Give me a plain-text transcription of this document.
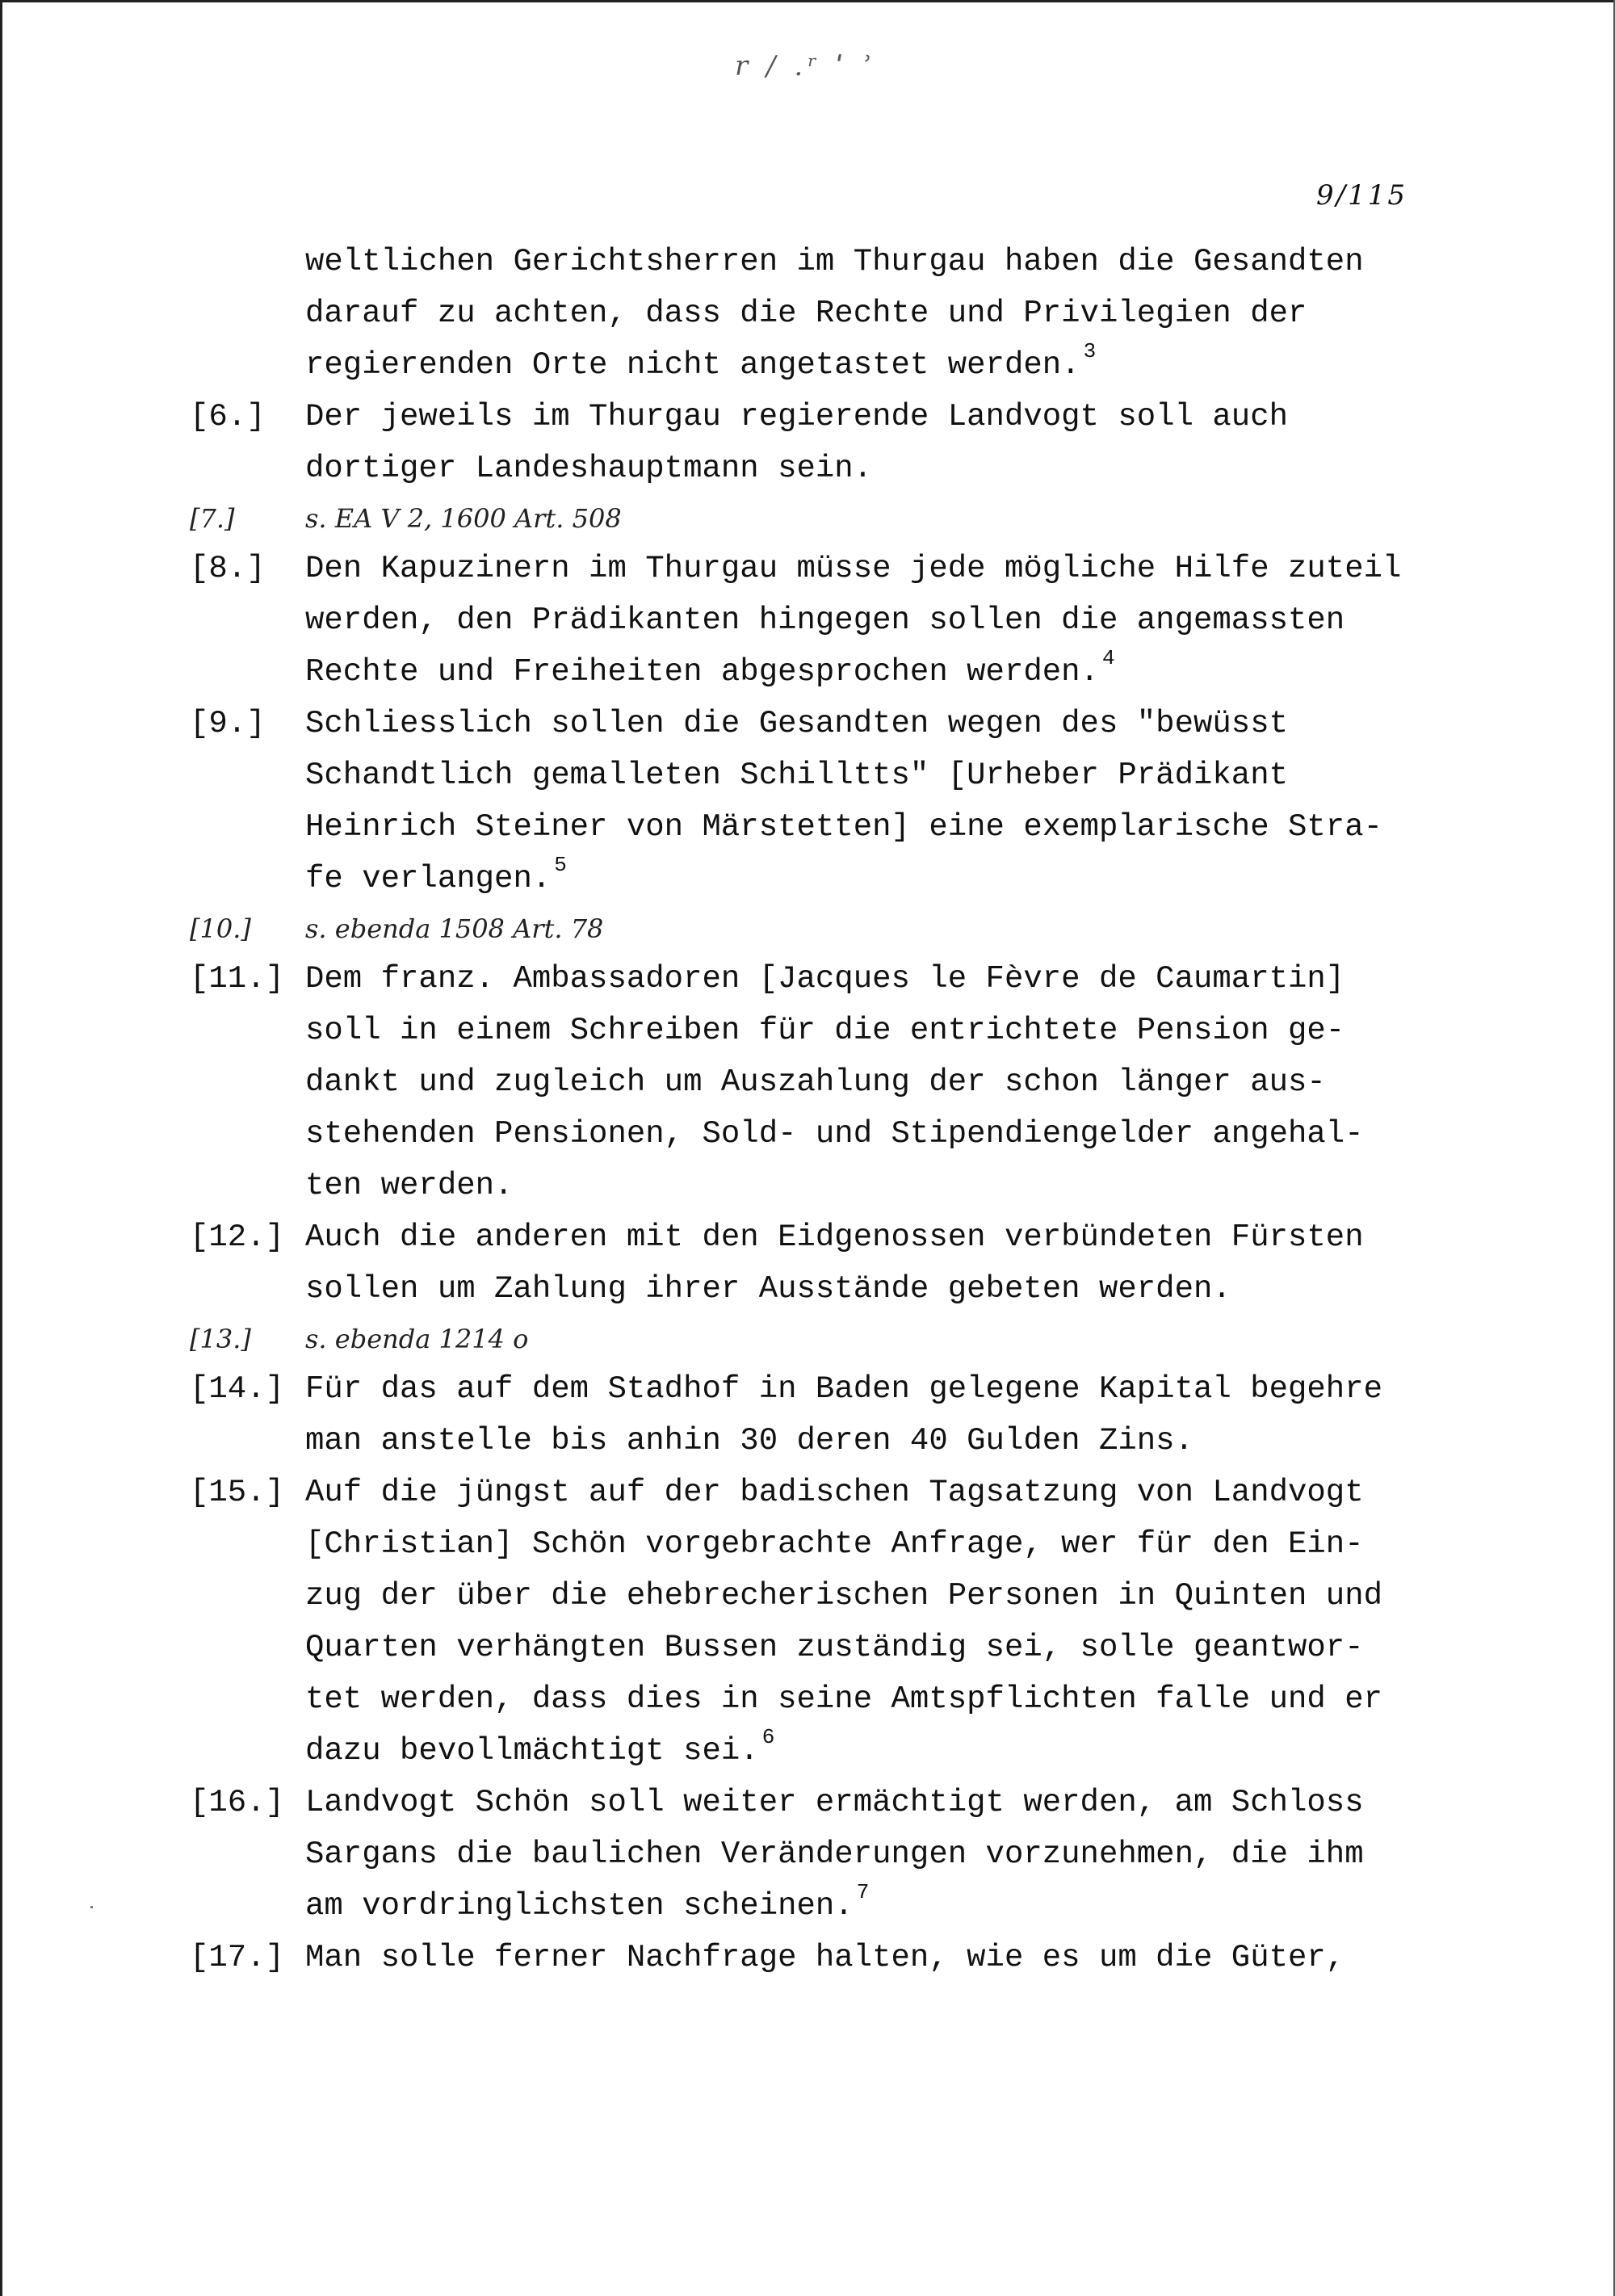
r / .ʳ ˈ ʾ
9/115
weltlichen Gerichtsherren im Thurgau haben die Gesandten
darauf zu achten, dass die Rechte und Privilegien der
regierenden Orte nicht angetastet werden. $^3$
[6.]	Der jeweils im Thurgau regierende Landvogt soll auch
dortiger Landeshauptmann sein.
[7.]	s. EA V 2, 1600 Art. 508
[8.]	Den Kapuzinern im Thurgau müsse jede mögliche Hilfe zuteil
werden, den Prädikanten hingegen sollen die angemassten
Rechte und Freiheiten abgesprochen werden. $^4$
[9.]	Schliesslich sollen die Gesandten wegen des "bewüsst
Schandtlich gemalleten Schilltts" [Urheber Prädikant
Heinrich Steiner von Märstetten] eine exemplarische Stra-
fe verlangen. $^5$
[10.]	s. ebenda 1508 Art. 78
[11.] Dem franz. Ambassadoren [Jacques le Fèvre de Caumartin]
soll in einem Schreiben für die entrichtete Pension ge-
dankt und zugleich um Auszahlung der schon länger aus-
stehenden Pensionen, Sold- und Stipendiengelder angehal-
ten werden.
[12.] Auch die anderen mit den Eidgenossen verbündeten Fürsten
sollen um Zahlung ihrer Ausstände gebeten werden.
[13.]	s. ebenda 1214 o
[14.] Für das auf dem Stadhof in Baden gelegene Kapital begehre
man anstelle bis anhin 30 deren 40 Gulden Zins.
[15.] Auf die jüngst auf der badischen Tagsatzung von Landvogt
[Christian] Schön vorgebrachte Anfrage, wer für den Ein-
zug der über die ehebrecherischen Personen in Quinten und
Quarten verhängten Bussen zuständig sei, solle geantwor-
tet werden, dass dies in seine Amtspflichten falle und er
dazu bevollmächtigt sei. $^6$
[16.] Landvogt Schön soll weiter ermächtigt werden, am Schloss
Sargans die baulichen Veränderungen vorzunehmen, die ihm
am vordringlichsten scheinen. $^7$
[17.] Man solle ferner Nachfrage halten, wie es um die Güter,
